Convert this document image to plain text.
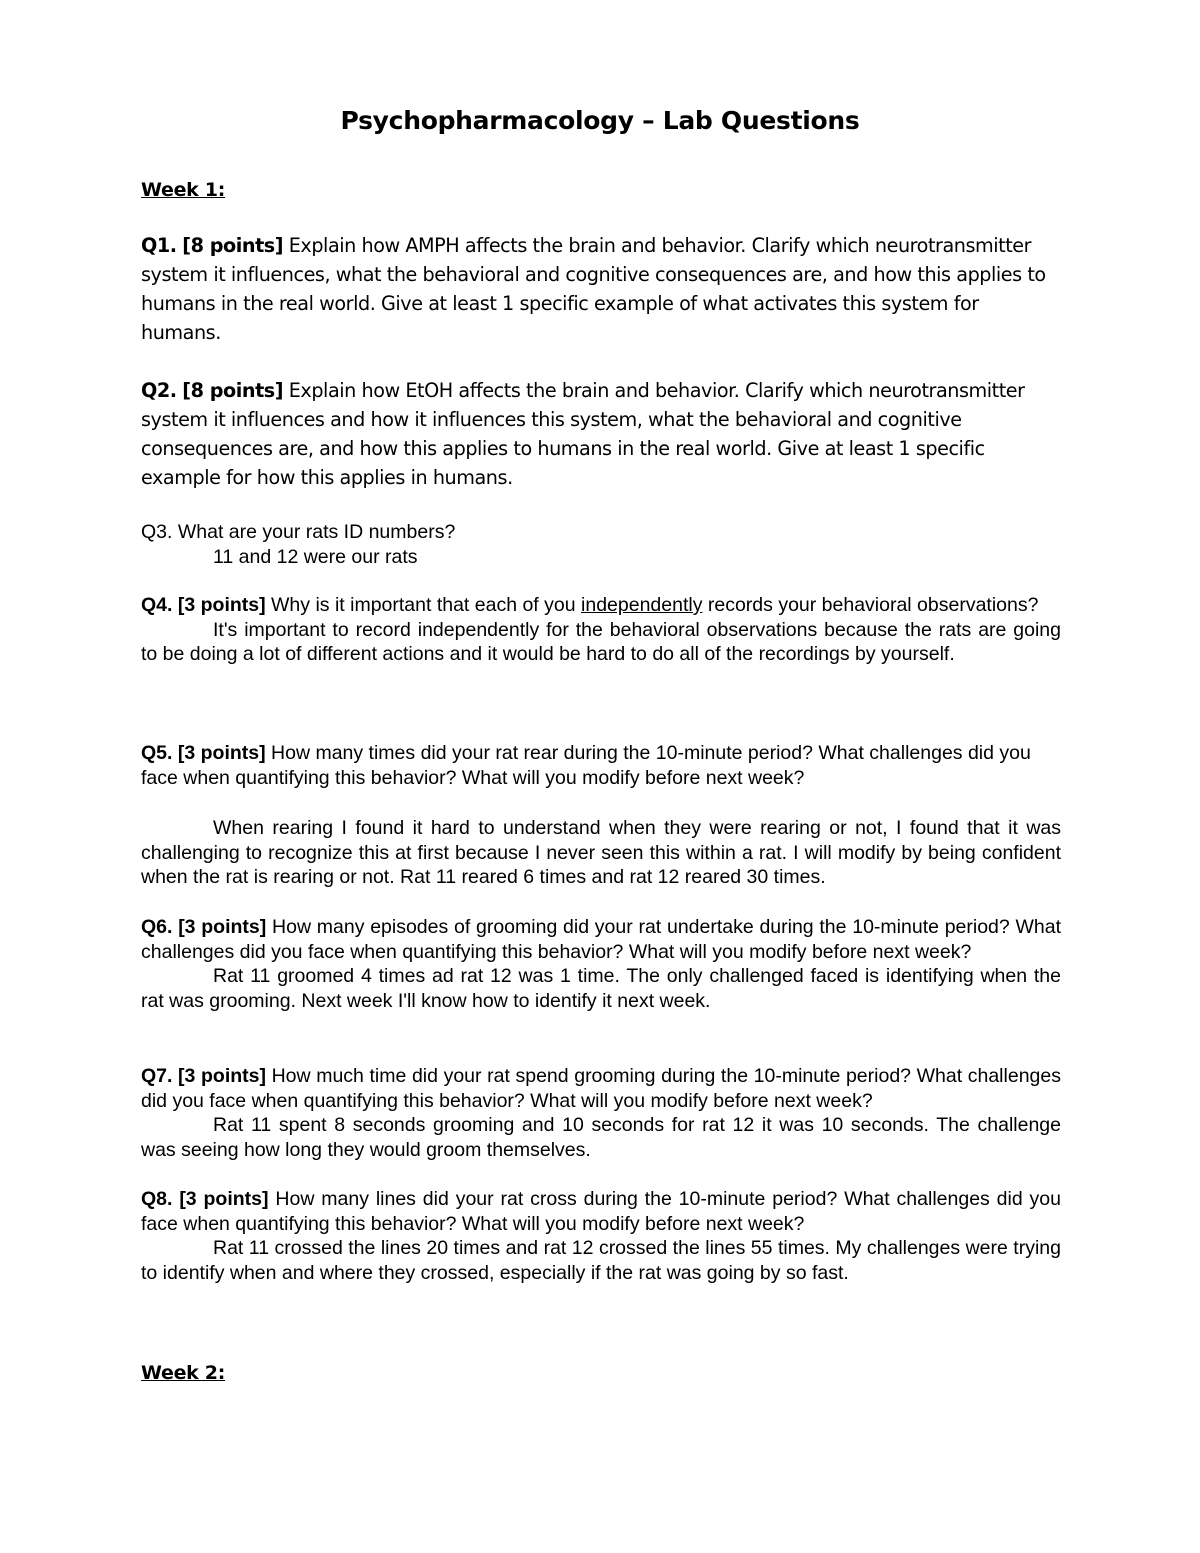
Psychopharmacology – Lab Questions
Week 1:
Q1. [8 points] Explain how AMPH affects the brain and behavior. Clarify which neurotransmitter system it influences, what the behavioral and cognitive consequences are, and how this applies to humans in the real world. Give at least 1 specific example of what activates this system for humans.
Q2. [8 points] Explain how EtOH affects the brain and behavior. Clarify which neurotransmitter system it influences and how it influences this system, what the behavioral and cognitive consequences are, and how this applies to humans in the real world. Give at least 1 specific example for how this applies in humans.
Q3. What are your rats ID numbers?
11 and 12 were our rats
Q4. [3 points] Why is it important that each of you independently records your behavioral observations?
It's important to record independently for the behavioral observations because the rats are going to be doing a lot of different actions and it would be hard to do all of the recordings by yourself.
Q5. [3 points] How many times did your rat rear during the 10-minute period? What challenges did you face when quantifying this behavior? What will you modify before next week?
When rearing I found it hard to understand when they were rearing or not, I found that it was challenging to recognize this at first because I never seen this within a rat. I will modify by being confident when the rat is rearing or not. Rat 11 reared 6 times and rat 12 reared 30 times.
Q6. [3 points] How many episodes of grooming did your rat undertake during the 10-minute period? What challenges did you face when quantifying this behavior? What will you modify before next week?
Rat 11 groomed 4 times ad rat 12 was 1 time. The only challenged faced is identifying when the rat was grooming. Next week I'll know how to identify it next week.
Q7. [3 points] How much time did your rat spend grooming during the 10-minute period? What challenges did you face when quantifying this behavior? What will you modify before next week?
Rat 11 spent 8 seconds grooming and 10 seconds for rat 12 it was 10 seconds. The challenge was seeing how long they would groom themselves.
Q8. [3 points] How many lines did your rat cross during the 10-minute period? What challenges did you face when quantifying this behavior? What will you modify before next week?
Rat 11 crossed the lines 20 times and rat 12 crossed the lines 55 times. My challenges were trying to identify when and where they crossed, especially if the rat was going by so fast.
Week 2:
